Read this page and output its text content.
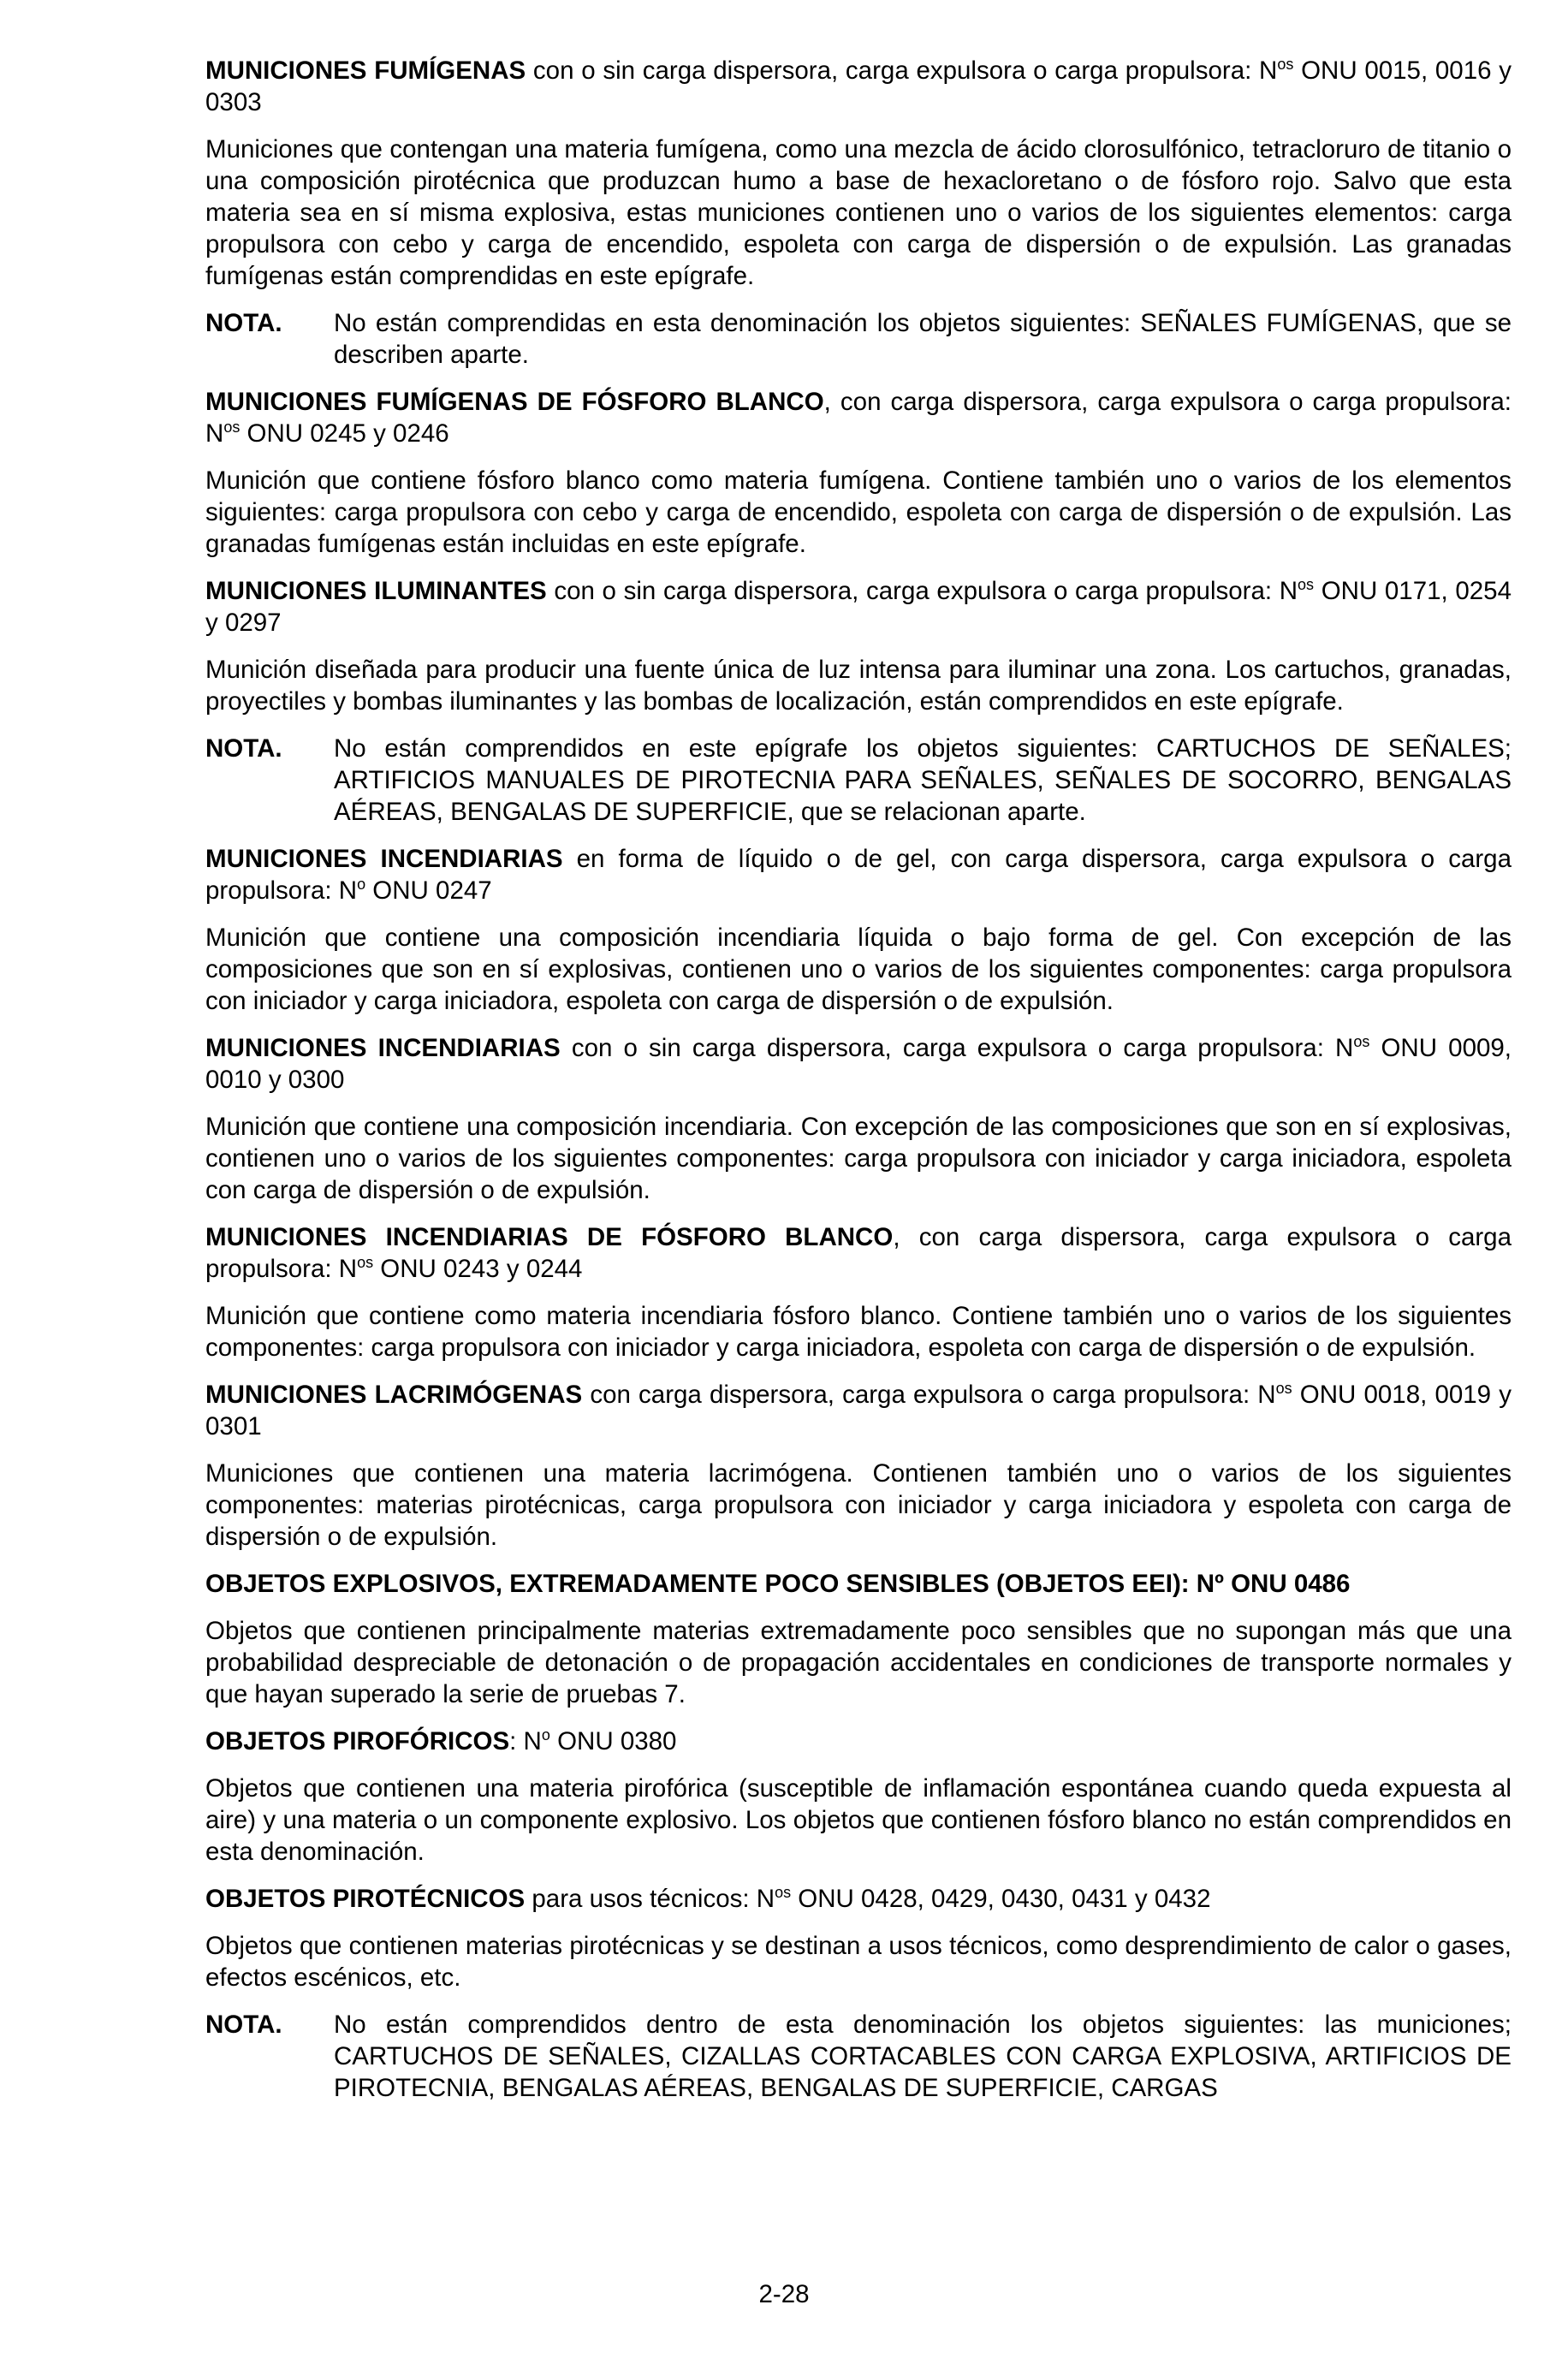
MUNICIONES FUMÍGENAS con o sin carga dispersora, carga expulsora o carga propulsora: $N^{os}$ ONU 0015, 0016 y 0303

Municiones que contengan una materia fumígena, como una mezcla de ácido clorosulfónico, tetracloruro de titanio o una composición pirotécnica que produzcan humo a base de hexacloretano o de fósforo rojo. Salvo que esta materia sea en sí misma explosiva, estas municiones contienen uno o varios de los siguientes elementos: carga propulsora con cebo y carga de encendido, espoleta con carga de dispersión o de expulsión. Las granadas fumígenas están comprendidas en este epígrafe.

NOTA.	No están comprendidas en esta denominación los objetos siguientes: SEÑALES FUMÍGENAS, que se describen aparte.

MUNICIONES FUMÍGENAS DE FÓSFORO BLANCO, con carga dispersora, carga expulsora o carga propulsora: $N^{os}$ ONU 0245 y 0246

Munición que contiene fósforo blanco como materia fumígena. Contiene también uno o varios de los elementos siguientes: carga propulsora con cebo y carga de encendido, espoleta con carga de dispersión o de expulsión. Las granadas fumígenas están incluidas en este epígrafe.

MUNICIONES ILUMINANTES con o sin carga dispersora, carga expulsora o carga propulsora: $N^{os}$ ONU 0171, 0254 y 0297

Munición diseñada para producir una fuente única de luz intensa para iluminar una zona. Los cartuchos, granadas, proyectiles y bombas iluminantes y las bombas de localización, están comprendidos en este epígrafe.

NOTA.	No están comprendidos en este epígrafe los objetos siguientes: CARTUCHOS DE SEÑALES; ARTIFICIOS MANUALES DE PIROTECNIA PARA SEÑALES, SEÑALES DE SOCORRO, BENGALAS AÉREAS, BENGALAS DE SUPERFICIE, que se relacionan aparte.

MUNICIONES INCENDIARIAS en forma de líquido o de gel, con carga dispersora, carga expulsora o carga propulsora: $N^o$ ONU 0247

Munición que contiene una composición incendiaria líquida o bajo forma de gel. Con excepción de las composiciones que son en sí explosivas, contienen uno o varios de los siguientes componentes: carga propulsora con iniciador y carga iniciadora, espoleta con carga de dispersión o de expulsión.

MUNICIONES INCENDIARIAS con o sin carga dispersora, carga expulsora o carga propulsora: $N^{os}$ ONU 0009, 0010 y 0300

Munición que contiene una composición incendiaria. Con excepción de las composiciones que son en sí explosivas, contienen uno o varios de los siguientes componentes: carga propulsora con iniciador y carga iniciadora, espoleta con carga de dispersión o de expulsión.

MUNICIONES INCENDIARIAS DE FÓSFORO BLANCO, con carga dispersora, carga expulsora o carga propulsora: $N^{os}$ ONU 0243 y 0244

Munición que contiene como materia incendiaria fósforo blanco. Contiene también uno o varios de los siguientes componentes: carga propulsora con iniciador y carga iniciadora, espoleta con carga de dispersión o de expulsión.

MUNICIONES LACRIMÓGENAS con carga dispersora, carga expulsora o carga propulsora: $N^{os}$ ONU 0018, 0019 y 0301

Municiones que contienen una materia lacrimógena. Contienen también uno o varios de los siguientes componentes: materias pirotécnicas, carga propulsora con iniciador y carga iniciadora y espoleta con carga de dispersión o de expulsión.

OBJETOS EXPLOSIVOS, EXTREMADAMENTE POCO SENSIBLES (OBJETOS EEI): Nº ONU 0486

Objetos que contienen principalmente materias extremadamente poco sensibles que no supongan más que una probabilidad despreciable de detonación o de propagación accidentales en condiciones de transporte normales y que hayan superado la serie de pruebas 7.

OBJETOS PIROFÓRICOS: $N^o$ ONU 0380

Objetos que contienen una materia pirofórica (susceptible de inflamación espontánea cuando queda expuesta al aire) y una materia o un componente explosivo. Los objetos que contienen fósforo blanco no están comprendidos en esta denominación.

OBJETOS PIROTÉCNICOS para usos técnicos: $N^{os}$ ONU 0428, 0429, 0430, 0431 y 0432

Objetos que contienen materias pirotécnicas y se destinan a usos técnicos, como desprendimiento de calor o gases, efectos escénicos, etc.

NOTA.	No están comprendidos dentro de esta denominación los objetos siguientes: las municiones; CARTUCHOS DE SEÑALES, CIZALLAS CORTACABLES CON CARGA EXPLOSIVA, ARTIFICIOS DE PIROTECNIA, BENGALAS AÉREAS, BENGALAS DE SUPERFICIE, CARGAS
2-28
